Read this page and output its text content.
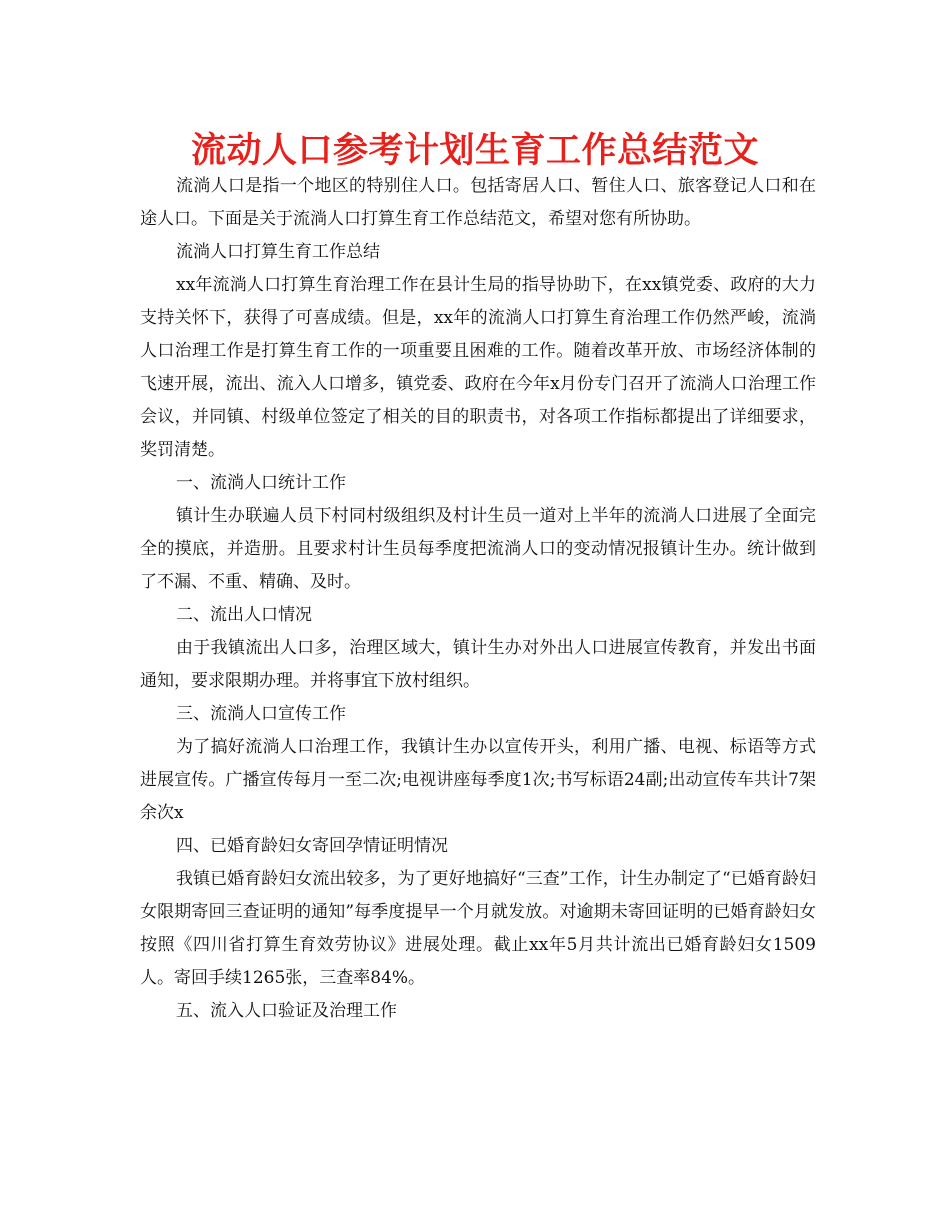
流动人口参考计划生育工作总结范文

流淌人口是指一个地区的特别住人口。包括寄居人口、暂住人口、旅客登记人口和在途人口。下面是关于流淌人口打算生育工作总结范文，希望对您有所协助。

流淌人口打算生育工作总结

xx年流淌人口打算生育治理工作在县计生局的指导协助下，在xx镇党委、政府的大力支持关怀下，获得了可喜成绩。但是，xx年的流淌人口打算生育治理工作仍然严峻，流淌人口治理工作是打算生育工作的一项重要且困难的工作。随着改革开放、市场经济体制的飞速开展，流出、流入人口增多，镇党委、政府在今年x月份专门召开了流淌人口治理工作会议，并同镇、村级单位签定了相关的目的职责书，对各项工作指标都提出了详细要求，奖罚清楚。

一、流淌人口统计工作

镇计生办联遍人员下村同村级组织及村计生员一道对上半年的流淌人口进展了全面完全的摸底，并造册。且要求村计生员每季度把流淌人口的变动情况报镇计生办。统计做到了不漏、不重、精确、及时。

二、流出人口情况

由于我镇流出人口多，治理区域大，镇计生办对外出人口进展宣传教育，并发出书面通知，要求限期办理。并将事宜下放村组织。

三、流淌人口宣传工作

为了搞好流淌人口治理工作，我镇计生办以宣传开头，利用广播、电视、标语等方式进展宣传。广播宣传每月一至二次;电视讲座每季度1次;书写标语24副;出动宣传车共计7架余次x

四、已婚育龄妇女寄回孕情证明情况

我镇已婚育龄妇女流出较多，为了更好地搞好“三查”工作，计生办制定了“已婚育龄妇女限期寄回三查证明的通知”每季度提早一个月就发放。对逾期未寄回证明的已婚育龄妇女按照《四川省打算生育效劳协议》进展处理。截止xx年5月共计流出已婚育龄妇女1509人。寄回手续1265张，三查率84%。

五、流入人口验证及治理工作
